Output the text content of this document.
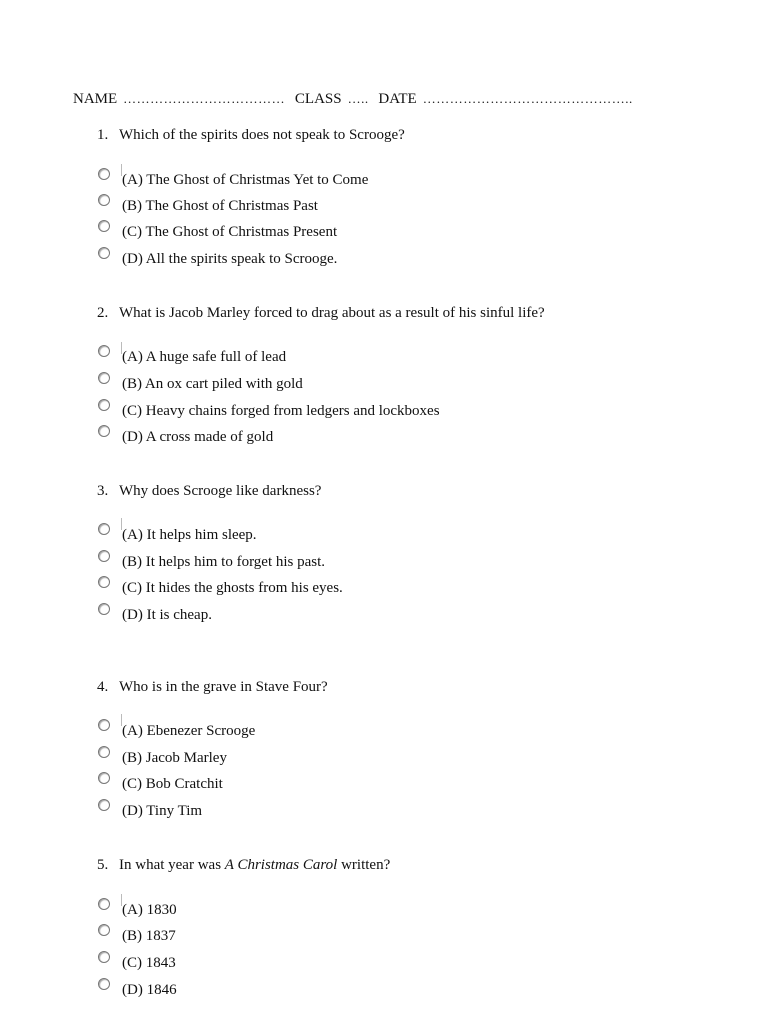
NAME ……………………………… CLASS ….. DATE ………………………………………..
1. Which of the spirits does not speak to Scrooge?
(A) The Ghost of Christmas Yet to Come
(B) The Ghost of Christmas Past
(C) The Ghost of Christmas Present
(D) All the spirits speak to Scrooge.
2. What is Jacob Marley forced to drag about as a result of his sinful life?
(A) A huge safe full of lead
(B) An ox cart piled with gold
(C) Heavy chains forged from ledgers and lockboxes
(D) A cross made of gold
3. Why does Scrooge like darkness?
(A) It helps him sleep.
(B) It helps him to forget his past.
(C) It hides the ghosts from his eyes.
(D) It is cheap.
4. Who is in the grave in Stave Four?
(A) Ebenezer Scrooge
(B) Jacob Marley
(C) Bob Cratchit
(D) Tiny Tim
5. In what year was A Christmas Carol written?
(A) 1830
(B) 1837
(C) 1843
(D) 1846
